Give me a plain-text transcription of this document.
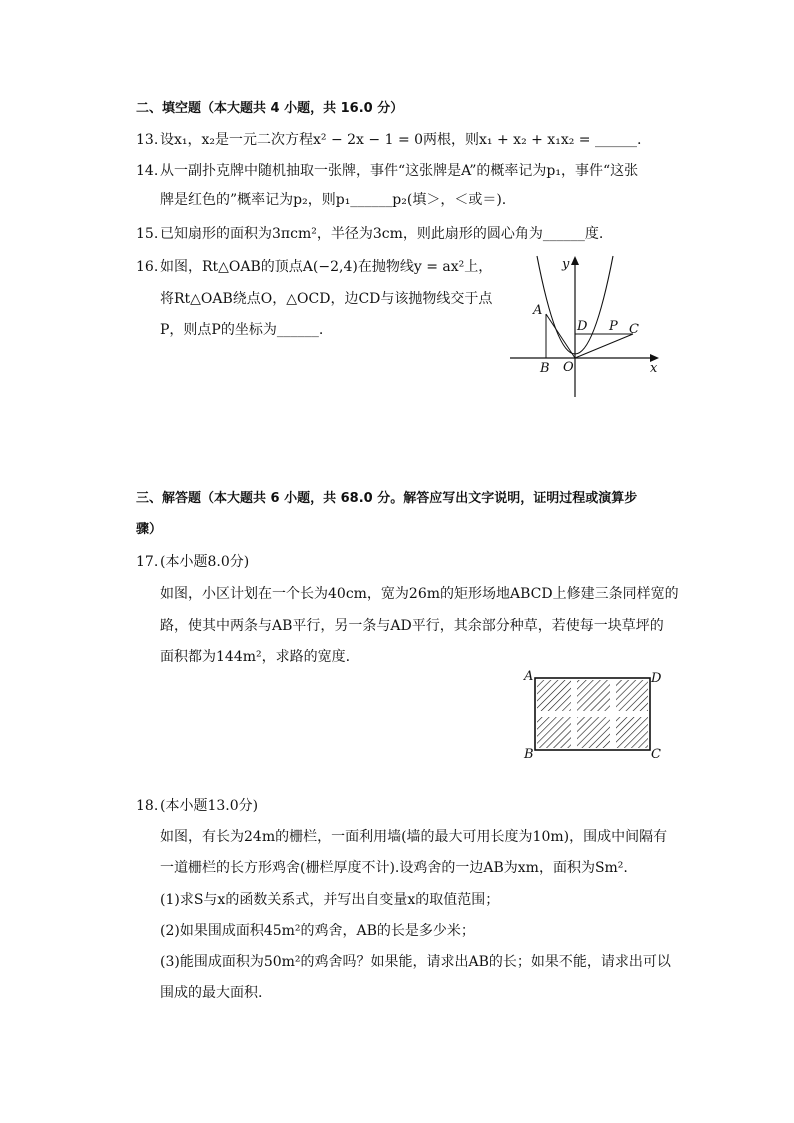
二、填空题（本大题共 4 小题，共 16.0 分）
13. 设x₁，x₂是一元二次方程x² − 2x − 1 = 0两根，则x₁ + x₂ + x₁x₂ = ______.
14. 从一副扑克牌中随机抽取一张牌，事件“这张牌是A”的概率记为p₁，事件“这张
牌是红色的”概率记为p₂，则p₁______p₂(填＞，＜或＝).
15. 已知扇形的面积为3πcm²，半径为3cm，则此扇形的圆心角为______度.
16. 如图，Rt△OAB的顶点A(−2,4)在抛物线y = ax²上，
将Rt△OAB绕点O，△OCD，边CD与该抛物线交于点
P，则点P的坐标为______.
y
x
A
B O
D P C
三、解答题（本大题共 6 小题，共 68.0 分。解答应写出文字说明，证明过程或演算步
骤）
17. (本小题8.0分)
如图，小区计划在一个长为40cm，宽为26m的矩形场地ABCD上修建三条同样宽的
路，使其中两条与AB平行，另一条与AD平行，其余部分种草，若使每一块草坪的
面积都为144m²，求路的宽度.
A	D
B	C
18. (本小题13.0分)
如图，有长为24m的栅栏，一面利用墙(墙的最大可用长度为10m)，围成中间隔有
一道栅栏的长方形鸡舍(栅栏厚度不计).设鸡舍的一边AB为xm，面积为Sm².
(1)求S与x的函数关系式，并写出自变量x的取值范围；
(2)如果围成面积45m²的鸡舍，AB的长是多少米；
(3)能围成面积为50m²的鸡舍吗？如果能，请求出AB的长；如果不能，请求出可以
围成的最大面积.
